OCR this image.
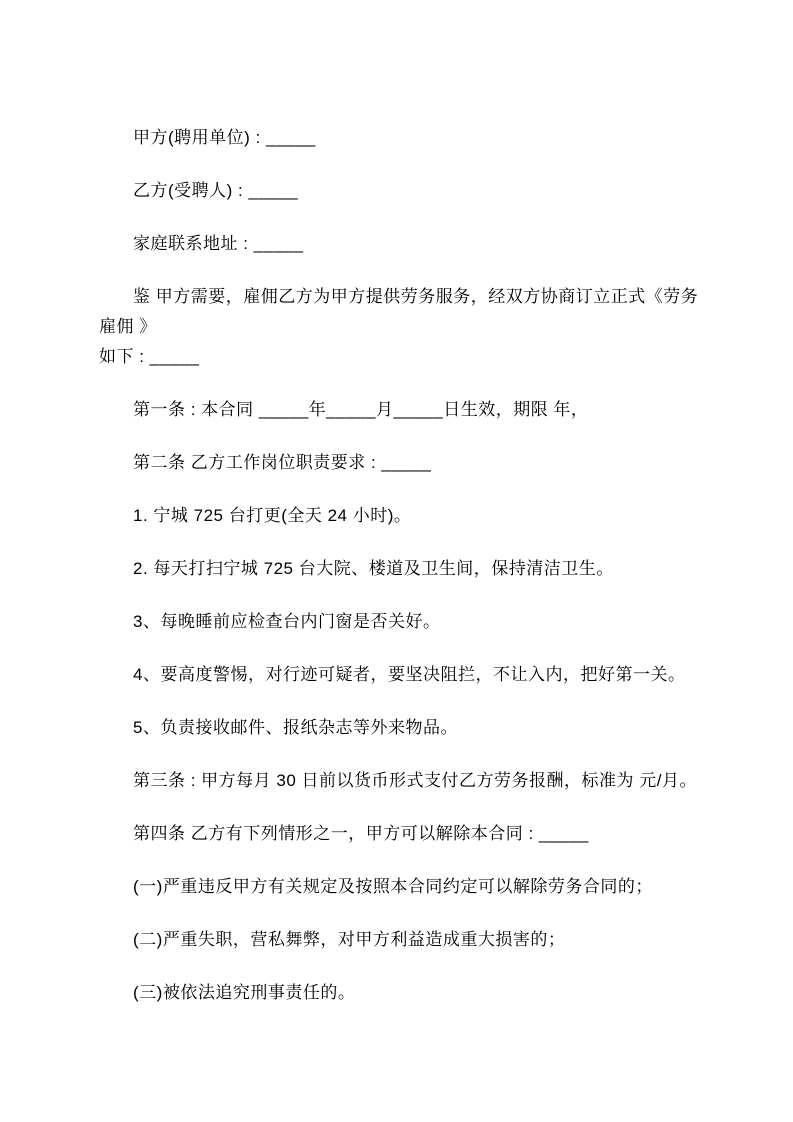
甲方(聘用单位) : _____

乙方(受聘人) : _____

家庭联系地址 : _____

鉴 甲方需要，雇佣乙方为甲方提供劳务服务，经双方协商订立正式《劳务雇佣 》

如下 : _____

第一条 : 本合同 _____年_____月_____日生效，期限 年，

第二条 乙方工作岗位职责要求 : _____

1. 宁城 725 台打更(全天 24 小时)。

2. 每天打扫宁城 725 台大院、楼道及卫生间，保持清洁卫生。

3、每晚睡前应检查台内门窗是否关好。

4、要高度警惕，对行迹可疑者，要坚决阻拦，不让入内，把好第一关。

5、负责接收邮件、报纸杂志等外来物品。

第三条 : 甲方每月 30 日前以货币形式支付乙方劳务报酬，标准为 元/月。

第四条 乙方有下列情形之一，甲方可以解除本合同 : _____

(一)严重违反甲方有关规定及按照本合同约定可以解除劳务合同的；

(二)严重失职，营私舞弊，对甲方利益造成重大损害的；

(三)被依法追究刑事责任的。
